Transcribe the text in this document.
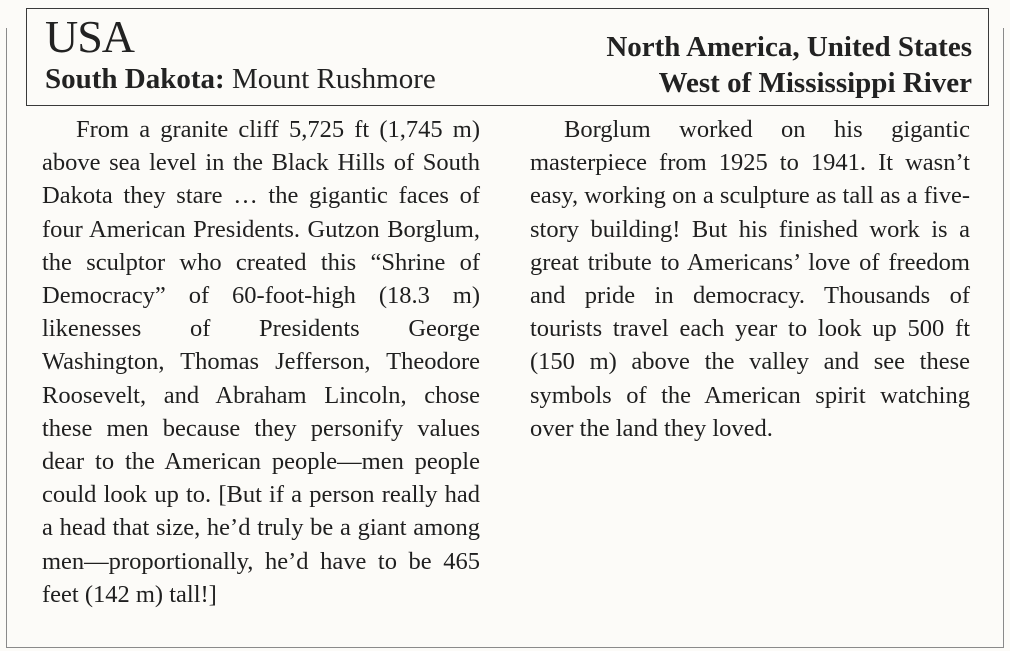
USA
South Dakota: Mount Rushmore
North America, United States
West of Mississippi River

From a granite cliff 5,725 ft (1,745 m) above sea level in the Black Hills of South Dakota they stare … the gigantic faces of four American Presidents. Gutzon Borglum, the sculptor who created this “Shrine of Democracy” of 60-foot-high (18.3 m) likenesses of Presidents George Washington, Thomas Jefferson, Theodore Roosevelt, and Abraham Lincoln, chose these men because they personify values dear to the American people—men people could look up to. [But if a person really had a head that size, he’d truly be a giant among men—proportionally, he’d have to be 465 feet (142 m) tall!]

Borglum worked on his gigantic masterpiece from 1925 to 1941. It wasn’t easy, working on a sculpture as tall as a five-story building! But his finished work is a great tribute to Americans’ love of freedom and pride in democracy. Thousands of tourists travel each year to look up 500 ft (150 m) above the valley and see these symbols of the American spirit watching over the land they loved.
